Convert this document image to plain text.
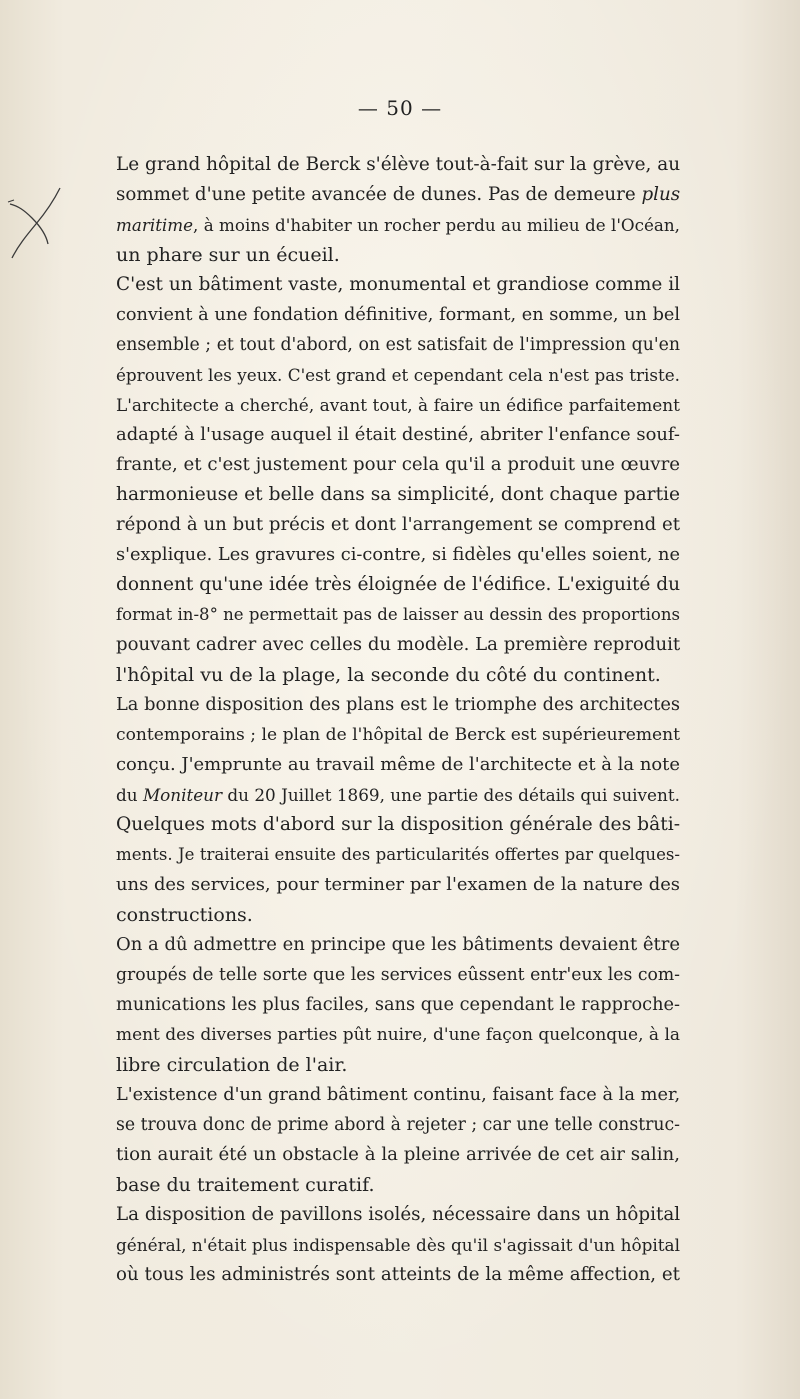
— 50 —
Le grand hôpital de Berck s'élève tout-à-fait sur la grève, au
sommet d'une petite avancée de dunes. Pas de demeure plus
maritime, à moins d'habiter un rocher perdu au milieu de l'Océan,
un phare sur un écueil.
C'est un bâtiment vaste, monumental et grandiose comme il
convient à une fondation définitive, formant, en somme, un bel
ensemble ; et tout d'abord, on est satisfait de l'impression qu'en
éprouvent les yeux. C'est grand et cependant cela n'est pas triste.
L'architecte a cherché, avant tout, à faire un édifice parfaitement
adapté à l'usage auquel il était destiné, abriter l'enfance souf-
frante, et c'est justement pour cela qu'il a produit une œuvre
harmonieuse et belle dans sa simplicité, dont chaque partie
répond à un but précis et dont l'arrangement se comprend et
s'explique. Les gravures ci-contre, si fidèles qu'elles soient, ne
donnent qu'une idée très éloignée de l'édifice. L'exiguité du
format in-8° ne permettait pas de laisser au dessin des proportions
pouvant cadrer avec celles du modèle. La première reproduit
l'hôpital vu de la plage, la seconde du côté du continent.
La bonne disposition des plans est le triomphe des architectes
contemporains ; le plan de l'hôpital de Berck est supérieurement
conçu. J'emprunte au travail même de l'architecte et à la note
du Moniteur du 20 Juillet 1869, une partie des détails qui suivent.
Quelques mots d'abord sur la disposition générale des bâti-
ments. Je traiterai ensuite des particularités offertes par quelques-
uns des services, pour terminer par l'examen de la nature des
constructions.
On a dû admettre en principe que les bâtiments devaient être
groupés de telle sorte que les services eûssent entr'eux les com-
munications les plus faciles, sans que cependant le rapproche-
ment des diverses parties pût nuire, d'une façon quelconque, à la
libre circulation de l'air.
L'existence d'un grand bâtiment continu, faisant face à la mer,
se trouva donc de prime abord à rejeter ; car une telle construc-
tion aurait été un obstacle à la pleine arrivée de cet air salin,
base du traitement curatif.
La disposition de pavillons isolés, nécessaire dans un hôpital
général, n'était plus indispensable dès qu'il s'agissait d'un hôpital
où tous les administrés sont atteints de la même affection, et
